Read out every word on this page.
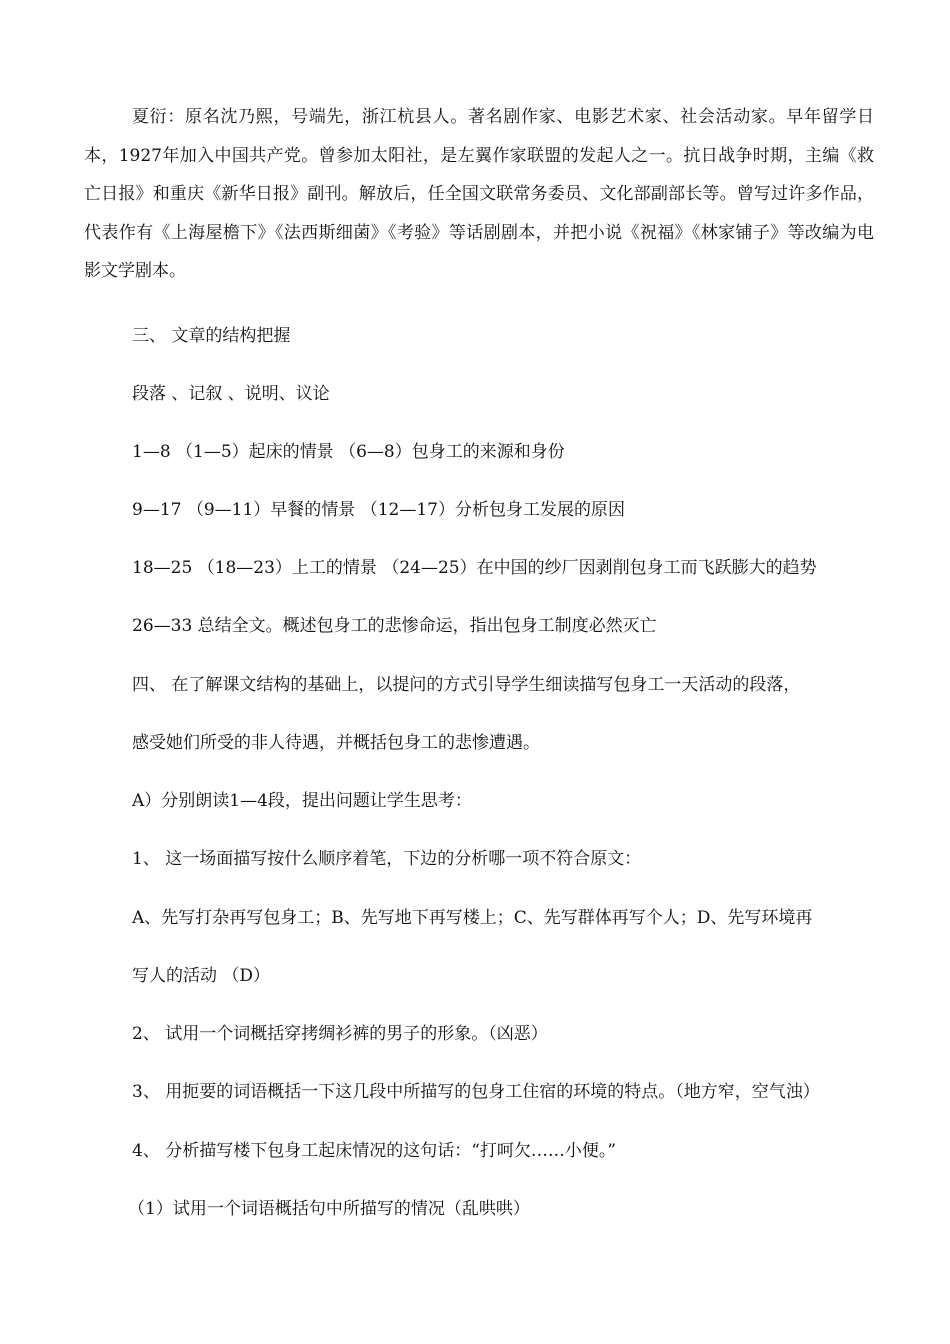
夏衍：原名沈乃熙，号端先，浙江杭县人。著名剧作家、电影艺术家、社会活动家。早年留学日本，1927年加入中国共产党。曾参加太阳社，是左翼作家联盟的发起人之一。抗日战争时期，主编《救亡日报》和重庆《新华日报》副刊。解放后，任全国文联常务委员、文化部副部长等。曾写过许多作品，代表作有《上海屋檐下》《法西斯细菌》《考验》等话剧剧本，并把小说《祝福》《林家铺子》等改编为电影文学剧本。

三、 文章的结构把握

段落 、记叙 、说明、议论

1—8 （1—5）起床的情景 （6—8）包身工的来源和身份

9—17 （9—11）早餐的情景 （12—17）分析包身工发展的原因

18—25 （18—23）上工的情景 （24—25）在中国的纱厂因剥削包身工而飞跃膨大的趋势

26—33 总结全文。概述包身工的悲惨命运，指出包身工制度必然灭亡

四、 在了解课文结构的基础上，以提问的方式引导学生细读描写包身工一天活动的段落，

感受她们所受的非人待遇，并概括包身工的悲惨遭遇。

A）分别朗读1—4段，提出问题让学生思考：

1、 这一场面描写按什么顺序着笔，下边的分析哪一项不符合原文：

A、先写打杂再写包身工；B、先写地下再写楼上；C、先写群体再写个人；D、先写环境再

写人的活动 （D）

2、 试用一个词概括穿拷绸衫裤的男子的形象。（凶恶）

3、 用扼要的词语概括一下这几段中所描写的包身工住宿的环境的特点。（地方窄，空气浊）

4、 分析描写楼下包身工起床情况的这句话：“打呵欠……小便。”

（1）试用一个词语概括句中所描写的情况（乱哄哄）
